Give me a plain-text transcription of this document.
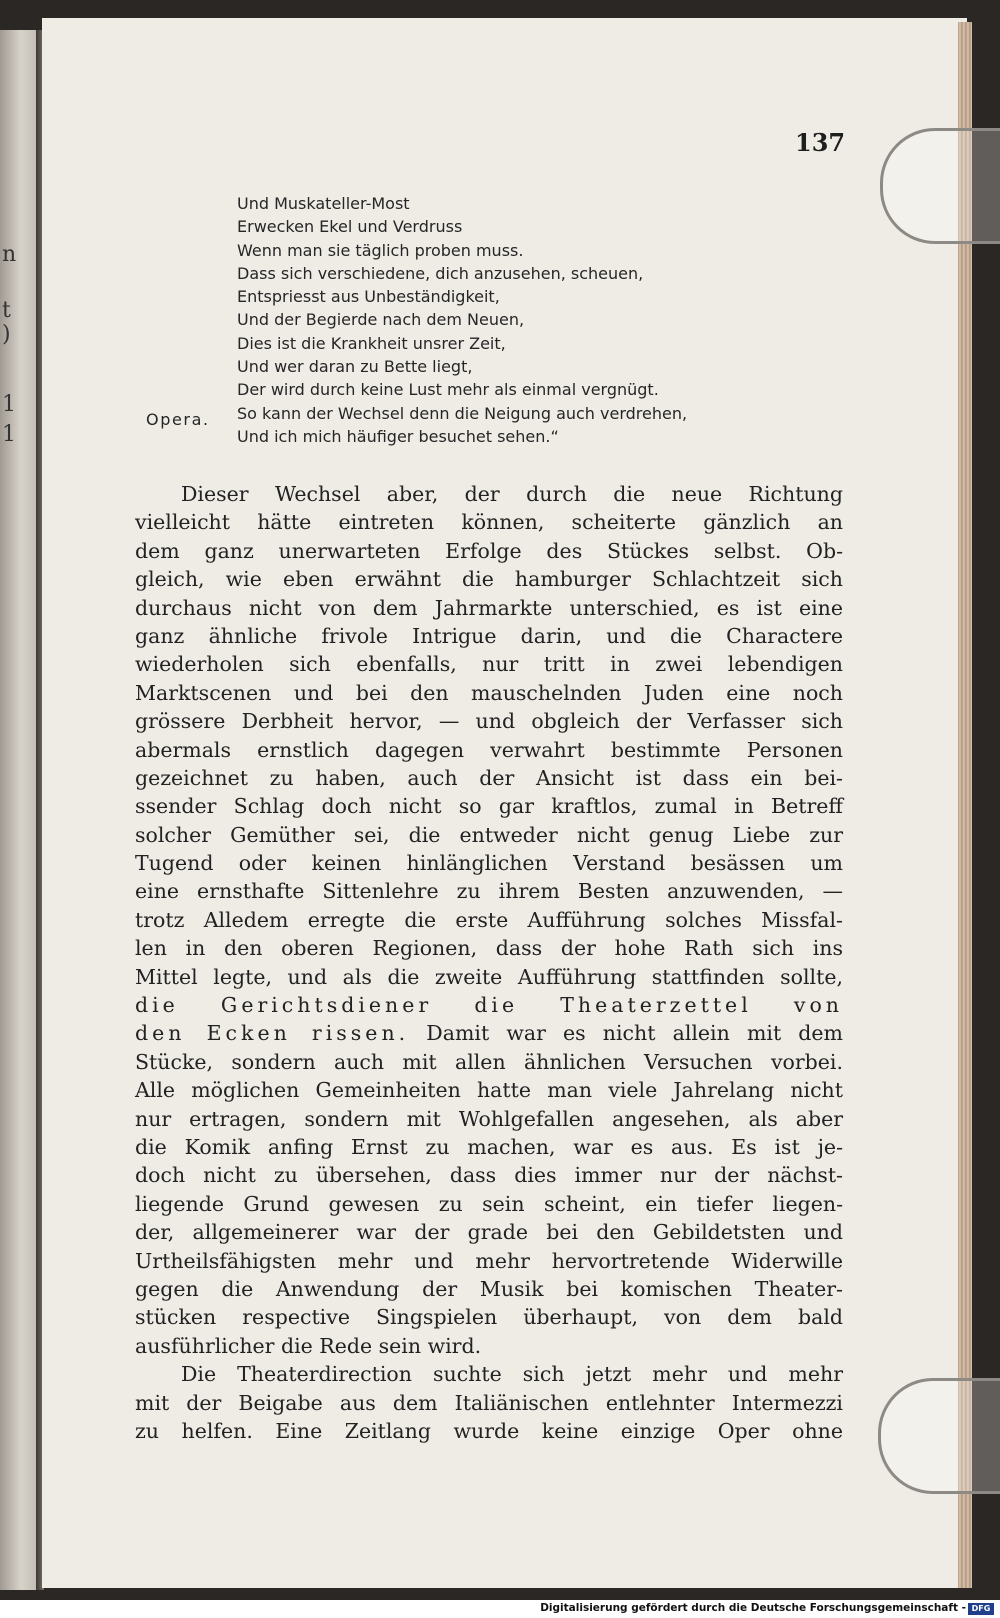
n
t
)
1
1
137
Und Muskateller-Most
Erwecken Ekel und Verdruss
Wenn man sie täglich proben muss.
Dass sich verschiedene, dich anzusehen, scheuen,
Entspriesst aus Unbeständigkeit,
Und der Begierde nach dem Neuen,
Dies ist die Krankheit unsrer Zeit,
Und wer daran zu Bette liegt,
Der wird durch keine Lust mehr als einmal vergnügt.
So kann der Wechsel denn die Neigung auch verdrehen,
Und ich mich häufiger besuchet sehen.“
Opera.
Dieser Wechsel aber, der durch die neue Richtung
vielleicht hätte eintreten können, scheiterte gänzlich an
dem ganz unerwarteten Erfolge des Stückes selbst. Ob-
gleich, wie eben erwähnt die hamburger Schlachtzeit sich
durchaus nicht von dem Jahrmarkte unterschied, es ist eine
ganz ähnliche frivole Intrigue darin, und die Charactere
wiederholen sich ebenfalls, nur tritt in zwei lebendigen
Marktscenen und bei den mauschelnden Juden eine noch
grössere Derbheit hervor, — und obgleich der Verfasser sich
abermals ernstlich dagegen verwahrt bestimmte Personen
gezeichnet zu haben, auch der Ansicht ist dass ein bei-
ssender Schlag doch nicht so gar kraftlos, zumal in Betreff
solcher Gemüther sei, die entweder nicht genug Liebe zur
Tugend oder keinen hinlänglichen Verstand besässen um
eine ernsthafte Sittenlehre zu ihrem Besten anzuwenden, —
trotz Alledem erregte die erste Aufführung solches Missfal-
len in den oberen Regionen, dass der hohe Rath sich ins
Mittel legte, und als die zweite Aufführung stattfinden sollte,
die Gerichtsdiener die Theaterzettel von
den Ecken rissen. Damit war es nicht allein mit dem
Stücke, sondern auch mit allen ähnlichen Versuchen vorbei.
Alle möglichen Gemeinheiten hatte man viele Jahrelang nicht
nur ertragen, sondern mit Wohlgefallen angesehen, als aber
die Komik anfing Ernst zu machen, war es aus. Es ist je-
doch nicht zu übersehen, dass dies immer nur der nächst-
liegende Grund gewesen zu sein scheint, ein tiefer liegen-
der, allgemeinerer war der grade bei den Gebildetsten und
Urtheilsfähigsten mehr und mehr hervortretende Widerwille
gegen die Anwendung der Musik bei komischen Theater-
stücken respective Singspielen überhaupt, von dem bald
ausführlicher die Rede sein wird.
Die Theaterdirection suchte sich jetzt mehr und mehr
mit der Beigabe aus dem Italiänischen entlehnter Intermezzi
zu helfen. Eine Zeitlang wurde keine einzige Oper ohne
Digitalisierung gefördert durch die Deutsche Forschungsgemeinschaft - DFG
